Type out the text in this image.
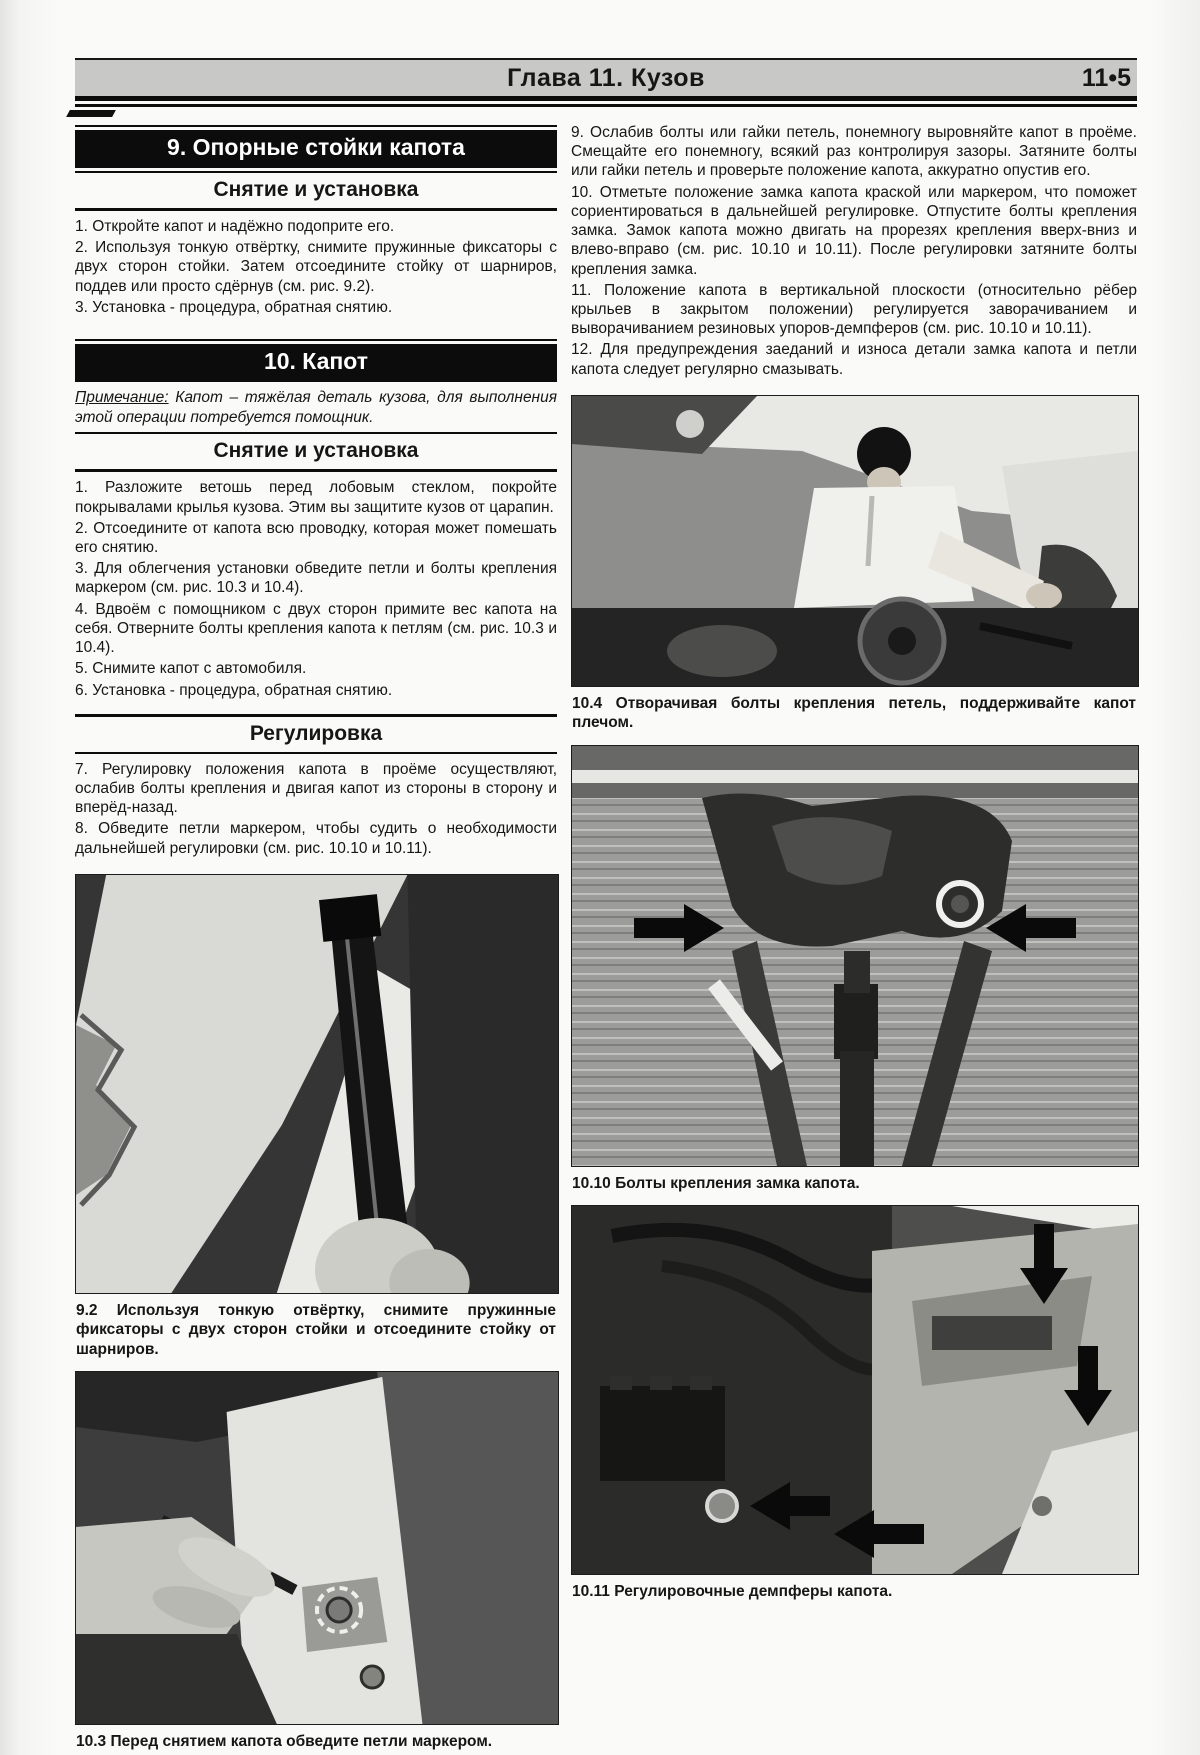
Глава 11. Кузов	11•5
9. Опорные стойки капота
Снятие и установка

1. Откройте капот и надёжно подоприте его.

2. Используя тонкую отвёртку, снимите пружинные фиксаторы с двух сторон стойки. Затем отсоедините стойку от шарниров, поддев или просто сдёрнув (см. рис. 9.2).

3. Установка - процедура, обратная снятию.

10. Капот

Примечание: Капот – тяжёлая деталь кузова, для выполнения этой операции потребуется помощник.

Снятие и установка

1. Разложите ветошь перед лобовым стеклом, покройте покрывалами крылья кузова. Этим вы защитите кузов от царапин.

2. Отсоедините от капота всю проводку, которая может помешать его снятию.

3. Для облегчения установки обведите петли и болты крепления маркером (см. рис. 10.3 и 10.4).

4. Вдвоём с помощником с двух сторон примите вес капота на себя. Отверните болты крепления капота к петлям (см. рис. 10.3 и 10.4).

5. Снимите капот с автомобиля.

6. Установка - процедура, обратная снятию.

Регулировка

7. Регулировку положения капота в проёме осуществляют, ослабив болты крепления и двигая капот из стороны в сторону и вперёд-назад.

8. Обведите петли маркером, чтобы судить о необходимости дальнейшей регулировки (см. рис. 10.10 и 10.11).

9.2 Используя тонкую отвёртку, снимите пружинные фиксаторы с двух сторон стойки и отсоедините стойку от шарниров.
10.3 Перед снятием капота обведите петли маркером.

9. Ослабив болты или гайки петель, понемногу выровняйте капот в проёме. Смещайте его понемногу, всякий раз контролируя зазоры. Затяните болты или гайки петель и проверьте положение капота, аккуратно опустив его.

10. Отметьте положение замка капота краской или маркером, что поможет сориентироваться в дальнейшей регулировке. Отпустите болты крепления замка. Замок капота можно двигать на прорезях крепления вверх-вниз и влево-вправо (см. рис. 10.10 и 10.11). После регулировки затяните болты крепления замка.

11. Положение капота в вертикальной плоскости (относительно рёбер крыльев в закрытом положении) регулируется заворачиванием и выворачиванием резиновых упоров-демпферов (см. рис. 10.10 и 10.11).

12. Для предупреждения заеданий и износа детали замка капота и петли капота следует регулярно смазывать.

10.4 Отворачивая болты крепления петель, поддерживайте капот плечом.
10.10 Болты крепления замка капота.
10.11 Регулировочные демпферы капота.
